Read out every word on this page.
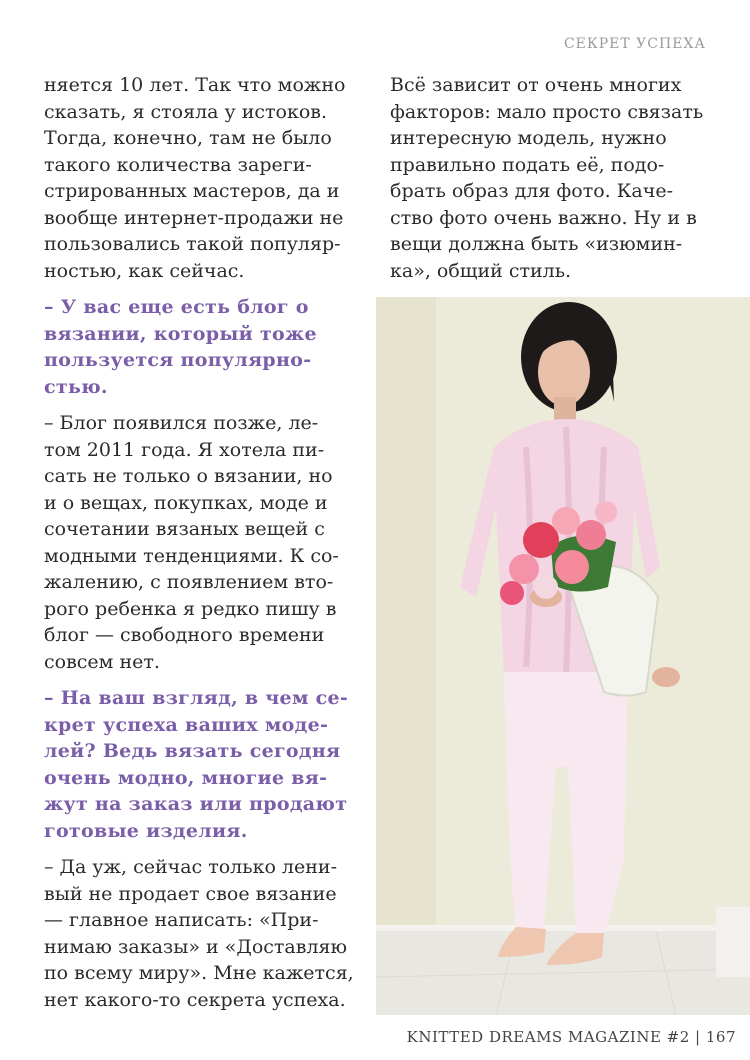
СЕКРЕТ УСПЕХА

няется 10 лет. Так что можно
сказать, я стояла у истоков.
Тогда, конечно, там не было
такого количества зареги-
стрированных мастеров, да и
вообще интернет-продажи не
пользовались такой популяр-
ностью, как сейчас.

– У вас еще есть блог о
вязании, который тоже
пользуется популярно-
стью.

– Блог появился позже, ле-
том 2011 года. Я хотела пи-
сать не только о вязании, но
и о вещах, покупках, моде и
сочетании вязаных вещей с
модными тенденциями. К со-
жалению, с появлением вто-
рого ребенка я редко пишу в
блог — свободного времени
совсем нет.

– На ваш взгляд, в чем се-
крет успеха ваших моде-
лей? Ведь вязать сегодня
очень модно, многие вя-
жут на заказ или продают
готовые изделия.

– Да уж, сейчас только лени-
вый не продает свое вязание
— главное написать: «При-
нимаю заказы» и «Доставляю
по всему миру». Мне кажется,
нет какого-то секрета успеха.

Всё зависит от очень многих
факторов: мало просто связать
интересную модель, нужно
правильно подать её, подо-
брать образ для фото. Каче-
ство фото очень важно. Ну и в
вещи должна быть «изюмин-
ка», общий стиль.

KNITTED DREAMS MAGAZINE #2 | 167
